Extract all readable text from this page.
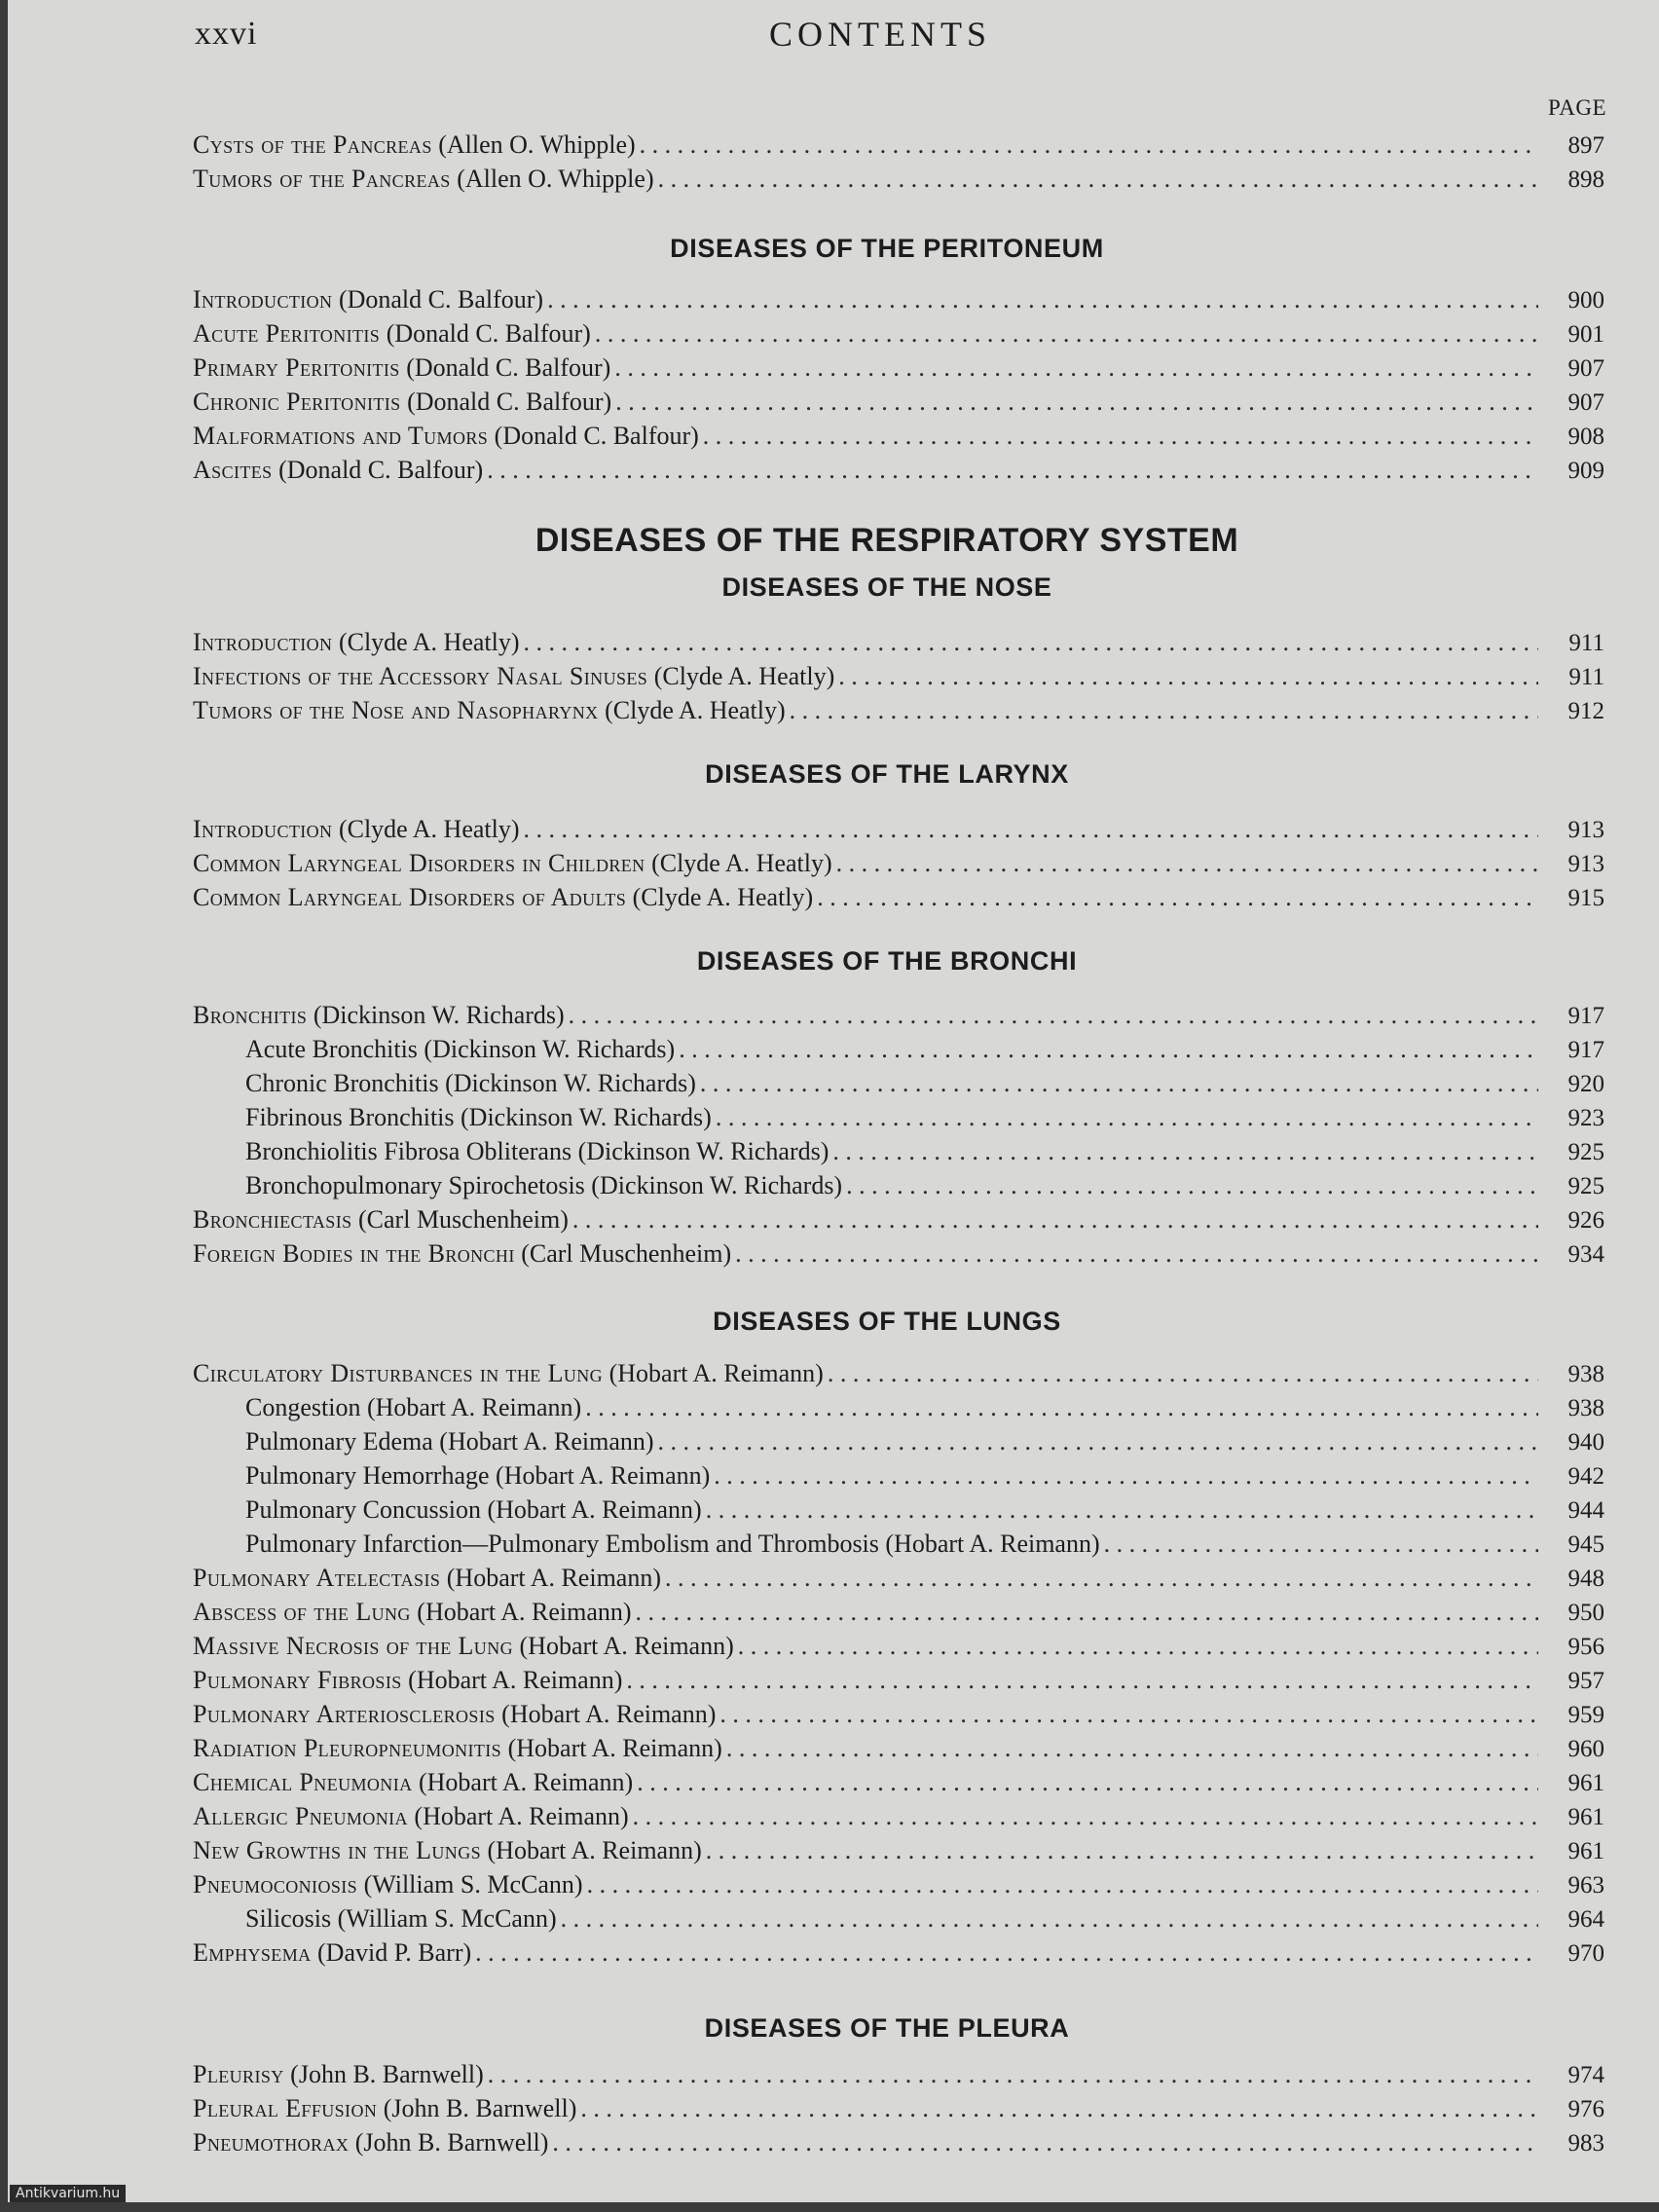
xxvi	CONTENTS
PAGE
Cysts of the Pancreas (Allen O. Whipple) . . .	897
Tumors of the Pancreas (Allen O. Whipple) . . .	898
DISEASES OF THE PERITONEUM
Introduction (Donald C. Balfour) . . .	900
Acute Peritonitis (Donald C. Balfour) . . .	901
Primary Peritonitis (Donald C. Balfour) . . .	907
Chronic Peritonitis (Donald C. Balfour) . . .	907
Malformations and Tumors (Donald C. Balfour) . . .	908
Ascites (Donald C. Balfour) . . .	909
DISEASES OF THE RESPIRATORY SYSTEM
DISEASES OF THE NOSE
Introduction (Clyde A. Heatly) . . .	911
Infections of the Accessory Nasal Sinuses (Clyde A. Heatly) . . .	911
Tumors of the Nose and Nasopharynx (Clyde A. Heatly) . . .	912
DISEASES OF THE LARYNX
Introduction (Clyde A. Heatly) . . .	913
Common Laryngeal Disorders in Children (Clyde A. Heatly) . . .	913
Common Laryngeal Disorders of Adults (Clyde A. Heatly) . . .	915
DISEASES OF THE BRONCHI
Bronchitis (Dickinson W. Richards) . . .	917
Acute Bronchitis (Dickinson W. Richards) . . .	917
Chronic Bronchitis (Dickinson W. Richards) . . .	920
Fibrinous Bronchitis (Dickinson W. Richards) . . .	923
Bronchiolitis Fibrosa Obliterans (Dickinson W. Richards) . . .	925
Bronchopulmonary Spirochetosis (Dickinson W. Richards) . . .	925
Bronchiectasis (Carl Muschenheim) . . .	926
Foreign Bodies in the Bronchi (Carl Muschenheim) . . .	934
DISEASES OF THE LUNGS
Circulatory Disturbances in the Lung (Hobart A. Reimann) . . .	938
Congestion (Hobart A. Reimann) . . .	938
Pulmonary Edema (Hobart A. Reimann) . . .	940
Pulmonary Hemorrhage (Hobart A. Reimann) . . .	942
Pulmonary Concussion (Hobart A. Reimann) . . .	944
Pulmonary Infarction—Pulmonary Embolism and Thrombosis (Hobart A. Reimann) . . .	945
Pulmonary Atelectasis (Hobart A. Reimann) . . .	948
Abscess of the Lung (Hobart A. Reimann) . . .	950
Massive Necrosis of the Lung (Hobart A. Reimann) . . .	956
Pulmonary Fibrosis (Hobart A. Reimann) . . .	957
Pulmonary Arteriosclerosis (Hobart A. Reimann) . . .	959
Radiation Pleuropneumonitis (Hobart A. Reimann) . . .	960
Chemical Pneumonia (Hobart A. Reimann) . . .	961
Allergic Pneumonia (Hobart A. Reimann) . . .	961
New Growths in the Lungs (Hobart A. Reimann) . . .	961
Pneumoconiosis (William S. McCann) . . .	963
Silicosis (William S. McCann) . . .	964
Emphysema (David P. Barr) . . .	970
DISEASES OF THE PLEURA
Pleurisy (John B. Barnwell) . . .	974
Pleural Effusion (John B. Barnwell) . . .	976
Pneumothorax (John B. Barnwell) . . .	983
Antikvarium.hu
